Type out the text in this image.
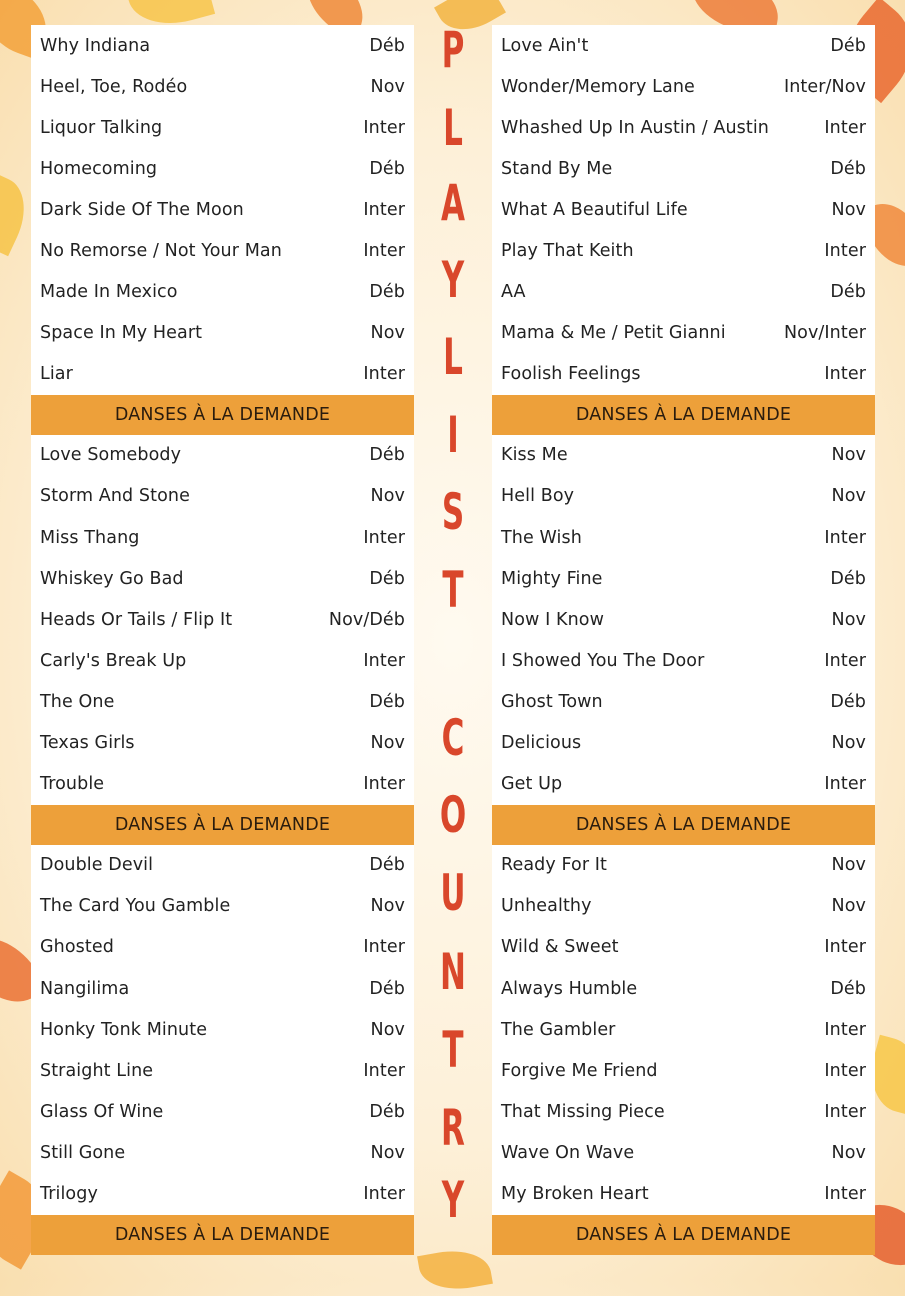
Why Indiana	Déb
Heel, Toe, Rodéo	Nov
Liquor Talking	Inter
Homecoming	Déb
Dark Side Of The Moon	Inter
No Remorse / Not Your Man	Inter
Made In Mexico	Déb
Space In My Heart	Nov
Liar	Inter
DANSES À LA DEMANDE
Love Somebody	Déb
Storm And Stone	Nov
Miss Thang	Inter
Whiskey Go Bad	Déb
Heads Or Tails / Flip It	Nov/Déb
Carly's Break Up	Inter
The One	Déb
Texas Girls	Nov
Trouble	Inter
DANSES À LA DEMANDE
Double Devil	Déb
The Card You Gamble	Nov
Ghosted	Inter
Nangilima	Déb
Honky Tonk Minute	Nov
Straight Line	Inter
Glass Of Wine	Déb
Still Gone	Nov
Trilogy	Inter
DANSES À LA DEMANDE
P
L
A
Y
L
I
S
T
C
O
U
N
T
R
Y
Love Ain't	Déb
Wonder/Memory Lane	Inter/Nov
Whashed Up In Austin / Austin	Inter
Stand By Me	Déb
What A Beautiful Life	Nov
Play That Keith	Inter
AA	Déb
Mama & Me / Petit Gianni	Nov/Inter
Foolish Feelings	Inter
DANSES À LA DEMANDE
Kiss Me	Nov
Hell Boy	Nov
The Wish	Inter
Mighty Fine	Déb
Now I Know	Nov
I Showed You The Door	Inter
Ghost Town	Déb
Delicious	Nov
Get Up	Inter
DANSES À LA DEMANDE
Ready For It	Nov
Unhealthy	Nov
Wild & Sweet	Inter
Always Humble	Déb
The Gambler	Inter
Forgive Me Friend	Inter
That Missing Piece	Inter
Wave On Wave	Nov
My Broken Heart	Inter
DANSES À LA DEMANDE
